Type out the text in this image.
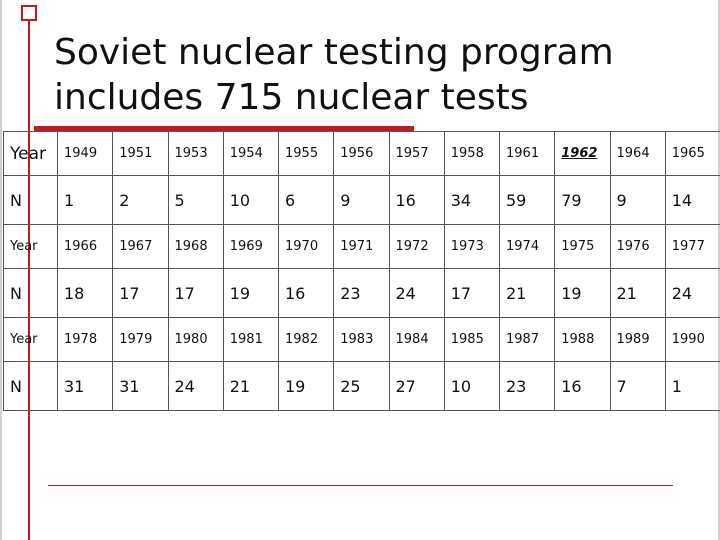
Soviet nuclear testing program
includes 715 nuclear tests
Year	1949	1951	1953	1954	1955	1956	1957	1958	1961	1962	1964	1965
N	1	2	5	10	6	9	16	34	59	79	9	14
Year	1966	1967	1968	1969	1970	1971	1972	1973	1974	1975	1976	1977
N	18	17	17	19	16	23	24	17	21	19	21	24
Year	1978	1979	1980	1981	1982	1983	1984	1985	1987	1988	1989	1990
N	31	31	24	21	19	25	27	10	23	16	7	1
